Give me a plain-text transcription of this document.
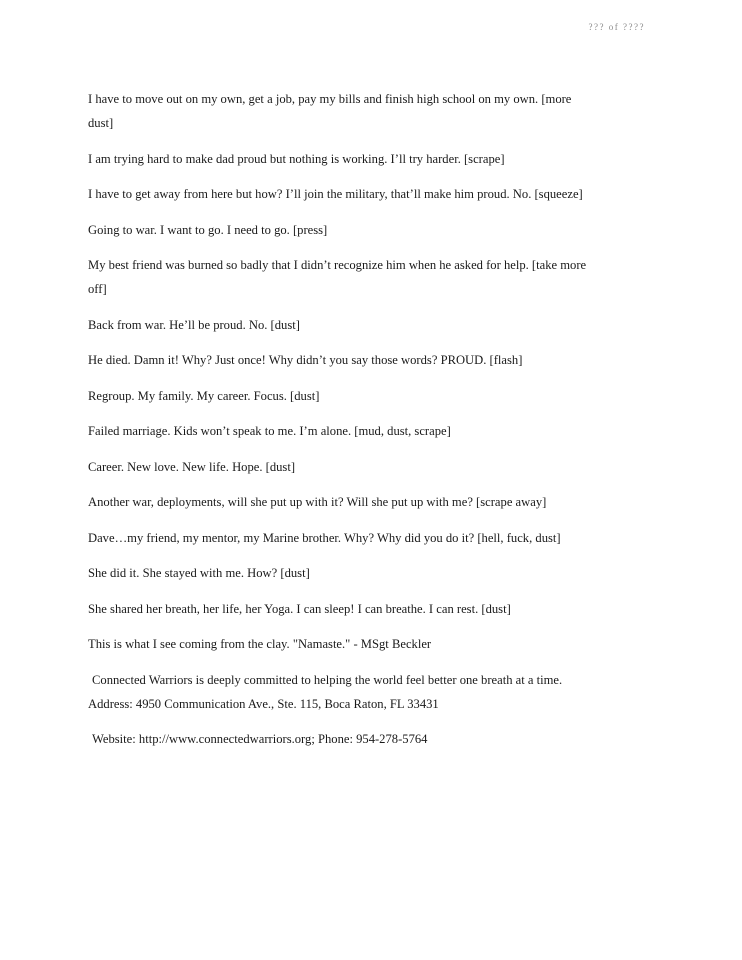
??? of ????

I have to move out on my own, get a job, pay my bills and finish high school on my own. [more dust]

I am trying hard to make dad proud but nothing is working. I’ll try harder. [scrape]

I have to get away from here but how? I’ll join the military, that’ll make him proud. No. [squeeze]

Going to war. I want to go. I need to go. [press]

My best friend was burned so badly that I didn’t recognize him when he asked for help. [take more off]

Back from war. He’ll be proud. No. [dust]

He died. Damn it! Why? Just once! Why didn’t you say those words? PROUD. [flash]

Regroup. My family. My career. Focus. [dust]

Failed marriage. Kids won’t speak to me. I’m alone. [mud, dust, scrape]

Career. New love. New life. Hope. [dust]

Another war, deployments, will she put up with it? Will she put up with me? [scrape away]

Dave…my friend, my mentor, my Marine brother. Why? Why did you do it? [hell, fuck, dust]

She did it. She stayed with me. How? [dust]

She shared her breath, her life, her Yoga. I can sleep! I can breathe. I can rest. [dust]

This is what I see coming from the clay. "Namaste." - MSgt Beckler

Connected Warriors is deeply committed to helping the world feel better one breath at a time. Address: 4950 Communication Ave., Ste. 115, Boca Raton, FL 33431

Website: http://www.connectedwarriors.org; Phone: 954-278-5764
